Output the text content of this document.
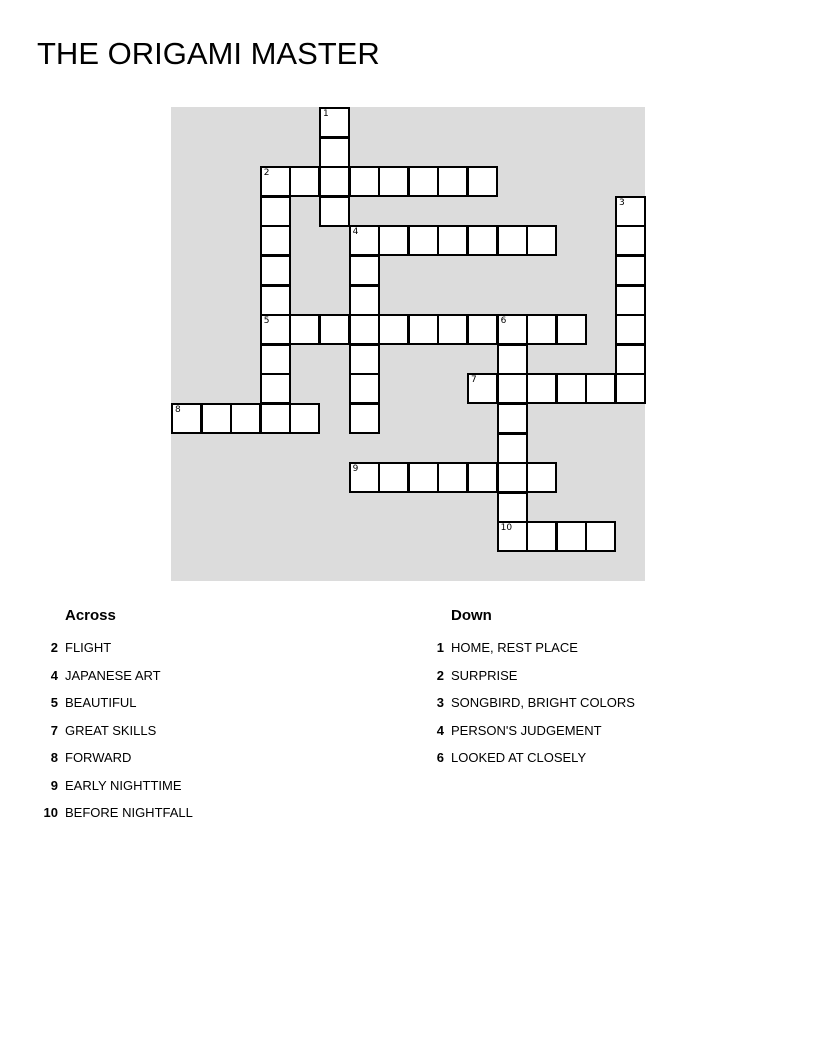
THE ORIGAMI MASTER
1
2
5
3
4
6
10
7
8
9
Across	Down
2 FLIGHT
4 JAPANESE ART
5 BEAUTIFUL
7 GREAT SKILLS
8 FORWARD
9 EARLY NIGHTTIME
10 BEFORE NIGHTFALL
1 HOME, REST PLACE
2 SURPRISE
3 SONGBIRD, BRIGHT COLORS
4 PERSON'S JUDGEMENT
6 LOOKED AT CLOSELY
